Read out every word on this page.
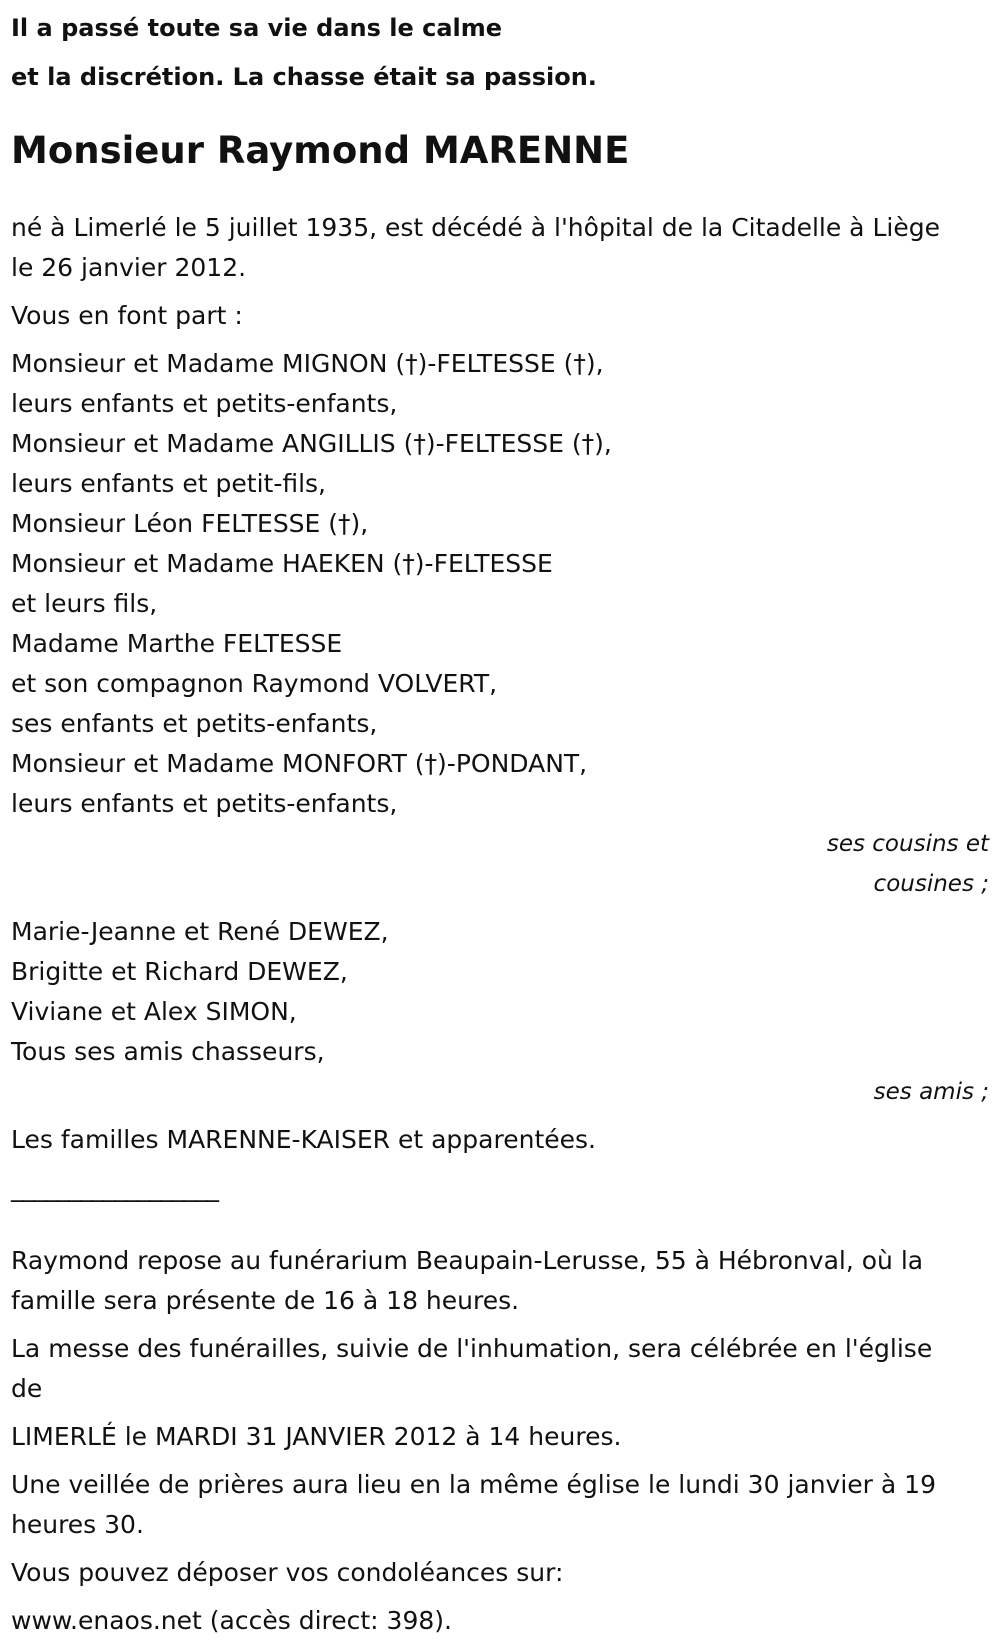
Il a passé toute sa vie dans le calme
et la discrétion. La chasse était sa passion.
Monsieur Raymond MARENNE
né à Limerlé le 5 juillet 1935, est décédé à l'hôpital de la Citadelle à Liège
le 26 janvier 2012.
Vous en font part :
Monsieur et Madame MIGNON (†)-FELTESSE (†),
leurs enfants et petits-enfants,
Monsieur et Madame ANGILLIS (†)-FELTESSE (†),
leurs enfants et petit-fils,
Monsieur Léon FELTESSE (†),
Monsieur et Madame HAEKEN (†)-FELTESSE
et leurs fils,
Madame Marthe FELTESSE
et son compagnon Raymond VOLVERT,
ses enfants et petits-enfants,
Monsieur et Madame MONFORT (†)-PONDANT,
leurs enfants et petits-enfants,
ses cousins et
cousines ;
Marie-Jeanne et René DEWEZ,
Brigitte et Richard DEWEZ,
Viviane et Alex SIMON,
Tous ses amis chasseurs,
ses amis ;
Les familles MARENNE-KAISER et apparentées.
__________________
Raymond repose au funérarium Beaupain-Lerusse, 55 à Hébronval, où la
famille sera présente de 16 à 18 heures.
La messe des funérailles, suivie de l'inhumation, sera célébrée en l'église
de
LIMERLÉ le MARDI 31 JANVIER 2012 à 14 heures.
Une veillée de prières aura lieu en la même église le lundi 30 janvier à 19
heures 30.
Vous pouvez déposer vos condoléances sur:
www.enaos.net (accès direct: 398).
